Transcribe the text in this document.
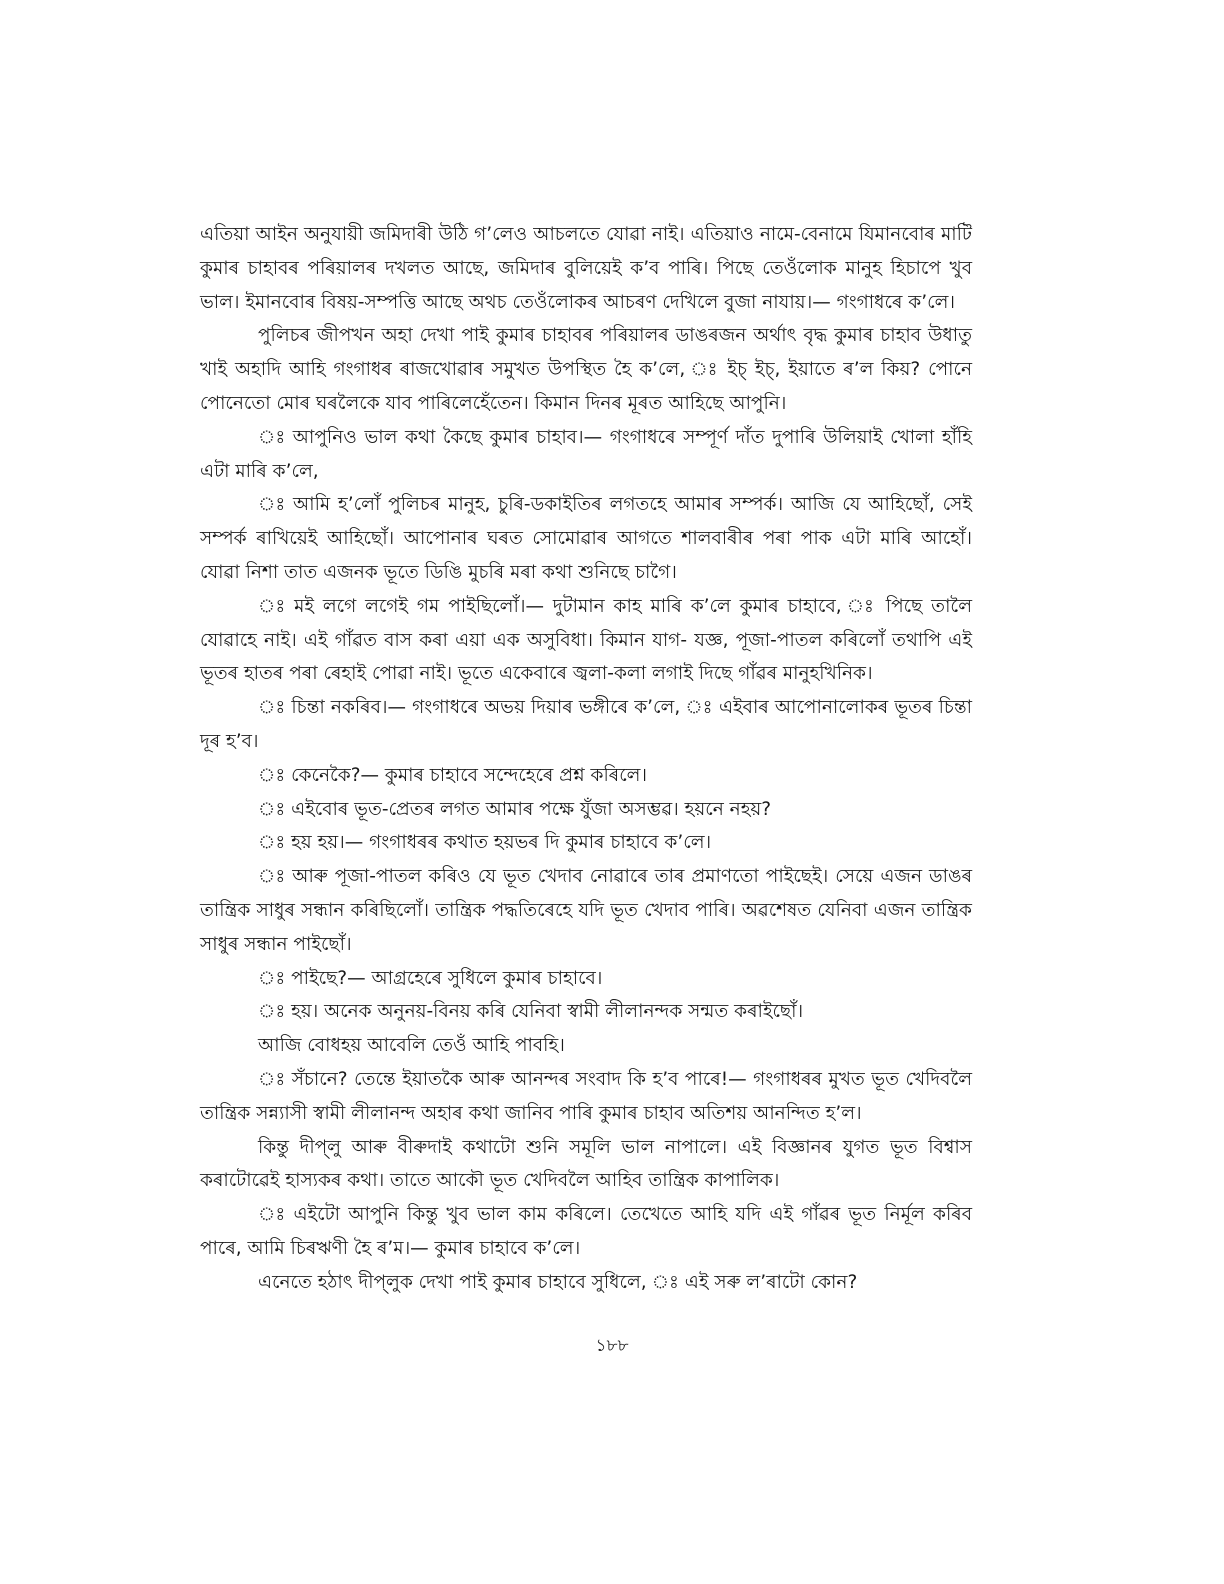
এতিয়া আইন অনুযায়ী জমিদাৰী উঠি গ’লেও আচলতে যোৱা নাই। এতিয়াও নামে-বেনামে যিমানবোৰ মাটি কুমাৰ চাহাবৰ পৰিয়ালৰ দখলত আছে, জমিদাৰ বুলিয়েই ক’ব পাৰি। পিছে তেওঁলোক মানুহ হিচাপে খুব ভাল। ইমানবোৰ বিষয়-সম্পত্তি আছে অথচ তেওঁলোকৰ আচৰণ দেখিলে বুজা নাযায়।— গংগাধৰে ক’লে।

পুলিচৰ জীপখন অহা দেখা পাই কুমাৰ চাহাবৰ পৰিয়ালৰ ডাঙৰজন অৰ্থাৎ বৃদ্ধ কুমাৰ চাহাব উধাতু খাই অহাদি আহি গংগাধৰ ৰাজখোৱাৰ সমুখত উপস্থিত হৈ ক’লে, ঃ ইচ্ ইচ্, ইয়াতে ৰ’ল কিয়? পোনে পোনেতো মোৰ ঘৰলৈকে যাব পাৰিলেহেঁতেন। কিমান দিনৰ মূৰত আহিছে আপুনি।

ঃ আপুনিও ভাল কথা কৈছে কুমাৰ চাহাব।— গংগাধৰে সম্পূৰ্ণ দাঁত দুপাৰি উলিয়াই খোলা হাঁহি এটা মাৰি ক’লে,

ঃ আমি হ’লোঁ পুলিচৰ মানুহ, চুৰি-ডকাইতিৰ লগতহে আমাৰ সম্পৰ্ক। আজি যে আহিছোঁ, সেই সম্পৰ্ক ৰাখিয়েই আহিছোঁ। আপোনাৰ ঘৰত সোমোৱাৰ আগতে শালবাৰীৰ পৰা পাক এটা মাৰি আহোঁ। যোৱা নিশা তাত এজনক ভূতে ডিঙি মুচৰি মৰা কথা শুনিছে চাগৈ।

ঃ মই লগে লগেই গম পাইছিলোঁ।— দুটামান কাহ মাৰি ক’লে কুমাৰ চাহাবে, ঃ পিছে তালৈ যোৱাহে নাই। এই গাঁৱত বাস কৰা এয়া এক অসুবিধা। কিমান যাগ- যজ্ঞ, পূজা-পাতল কৰিলোঁ তথাপি এই ভূতৰ হাতৰ পৰা ৰেহাই পোৱা নাই। ভূতে একেবাৰে জ্বলা-কলা লগাই দিছে গাঁৱৰ মানুহখিনিক।

ঃ চিন্তা নকৰিব।— গংগাধৰে অভয় দিয়াৰ ভঙ্গীৰে ক’লে, ঃ এইবাৰ আপোনালোকৰ ভূতৰ চিন্তা দূৰ হ’ব।

ঃ কেনেকৈ?— কুমাৰ চাহাবে সন্দেহেৰে প্ৰশ্ন কৰিলে।

ঃ এইবোৰ ভূত-প্ৰেতৰ লগত আমাৰ পক্ষে যুঁজা অসম্ভৱ। হয়নে নহয়?

ঃ হয় হয়।— গংগাধৰৰ কথাত হয়ভৰ দি কুমাৰ চাহাবে ক’লে।

ঃ আৰু পূজা-পাতল কৰিও যে ভূত খেদাব নোৱাৰে তাৰ প্ৰমাণতো পাইছেই। সেয়ে এজন ডাঙৰ তান্ত্ৰিক সাধুৰ সন্ধান কৰিছিলোঁ। তান্ত্ৰিক পদ্ধতিৰেহে যদি ভূত খেদাব পাৰি। অৱশেষত যেনিবা এজন তান্ত্ৰিক সাধুৰ সন্ধান পাইছোঁ।

ঃ পাইছে?— আগ্ৰহেৰে সুধিলে কুমাৰ চাহাবে।

ঃ হয়। অনেক অনুনয়-বিনয় কৰি যেনিবা স্বামী লীলানন্দক সন্মত কৰাইছোঁ।

আজি বোধহয় আবেলি তেওঁ আহি পাবহি।

ঃ সঁচানে? তেন্তে ইয়াতকৈ আৰু আনন্দৰ সংবাদ কি হ’ব পাৰে!— গংগাধৰৰ মুখত ভূত খেদিবলৈ তান্ত্ৰিক সন্ন্যাসী স্বামী লীলানন্দ অহাৰ কথা জানিব পাৰি কুমাৰ চাহাব অতিশয় আনন্দিত হ’ল।

কিন্তু দীপ্‌লু আৰু বীৰুদাই কথাটো শুনি সমূলি ভাল নাপালে। এই বিজ্ঞানৰ যুগত ভূত বিশ্বাস কৰাটোৱেই হাস্যকৰ কথা। তাতে আকৌ ভূত খেদিবলৈ আহিব তান্ত্ৰিক কাপালিক।

ঃ এইটো আপুনি কিন্তু খুব ভাল কাম কৰিলে। তেখেতে আহি যদি এই গাঁৱৰ ভূত নিৰ্মূল কৰিব পাৰে, আমি চিৰঋণী হৈ ৰ’ম।— কুমাৰ চাহাবে ক’লে।

এনেতে হঠাৎ দীপ্‌লুক দেখা পাই কুমাৰ চাহাবে সুধিলে, ঃ এই সৰু ল’ৰাটো কোন?

১৮৮
